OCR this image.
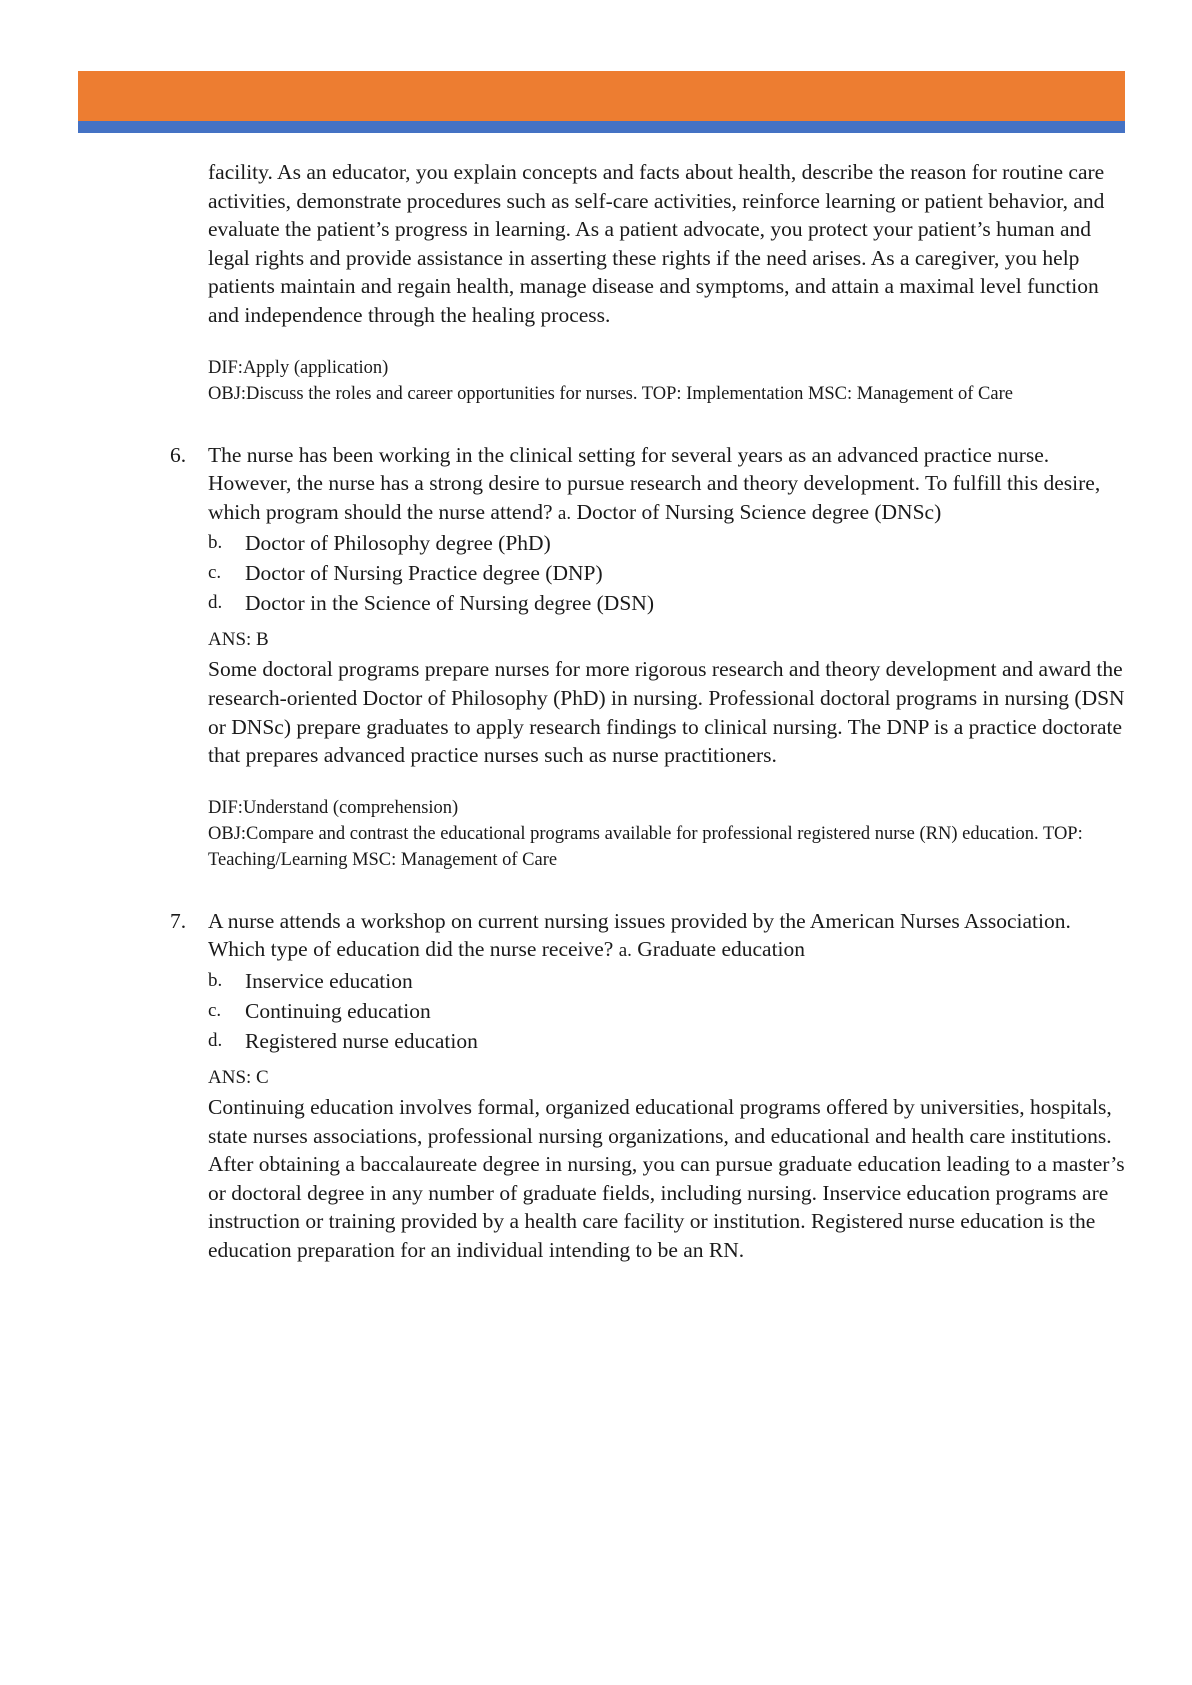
facility. As an educator, you explain concepts and facts about health, describe the reason for routine care activities, demonstrate procedures such as self-care activities, reinforce learning or patient behavior, and evaluate the patient’s progress in learning. As a patient advocate, you protect your patient’s human and legal rights and provide assistance in asserting these rights if the need arises. As a caregiver, you help patients maintain and regain health, manage disease and symptoms, and attain a maximal level function and independence through the healing process.

DIF:Apply (application)

OBJ:Discuss the roles and career opportunities for nurses. TOP: Implementation MSC: Management of Care

6. The nurse has been working in the clinical setting for several years as an advanced practice nurse. However, the nurse has a strong desire to pursue research and theory development. To fulfill this desire, which program should the nurse attend? a. Doctor of Nursing Science degree (DNSc)

b. Doctor of Philosophy degree (PhD)
c. Doctor of Nursing Practice degree (DNP)
d. Doctor in the Science of Nursing degree (DSN)

ANS: B

Some doctoral programs prepare nurses for more rigorous research and theory development and award the research-oriented Doctor of Philosophy (PhD) in nursing. Professional doctoral programs in nursing (DSN or DNSc) prepare graduates to apply research findings to clinical nursing. The DNP is a practice doctorate that prepares advanced practice nurses such as nurse practitioners.

DIF:Understand (comprehension)

OBJ:Compare and contrast the educational programs available for professional registered nurse (RN) education. TOP: Teaching/Learning MSC: Management of Care

7. A nurse attends a workshop on current nursing issues provided by the American Nurses Association. Which type of education did the nurse receive? a. Graduate education

b. Inservice education
c. Continuing education
d. Registered nurse education

ANS: C

Continuing education involves formal, organized educational programs offered by universities, hospitals, state nurses associations, professional nursing organizations, and educational and health care institutions. After obtaining a baccalaureate degree in nursing, you can pursue graduate education leading to a master’s or doctoral degree in any number of graduate fields, including nursing. Inservice education programs are instruction or training provided by a health care facility or institution. Registered nurse education is the education preparation for an individual intending to be an RN.
